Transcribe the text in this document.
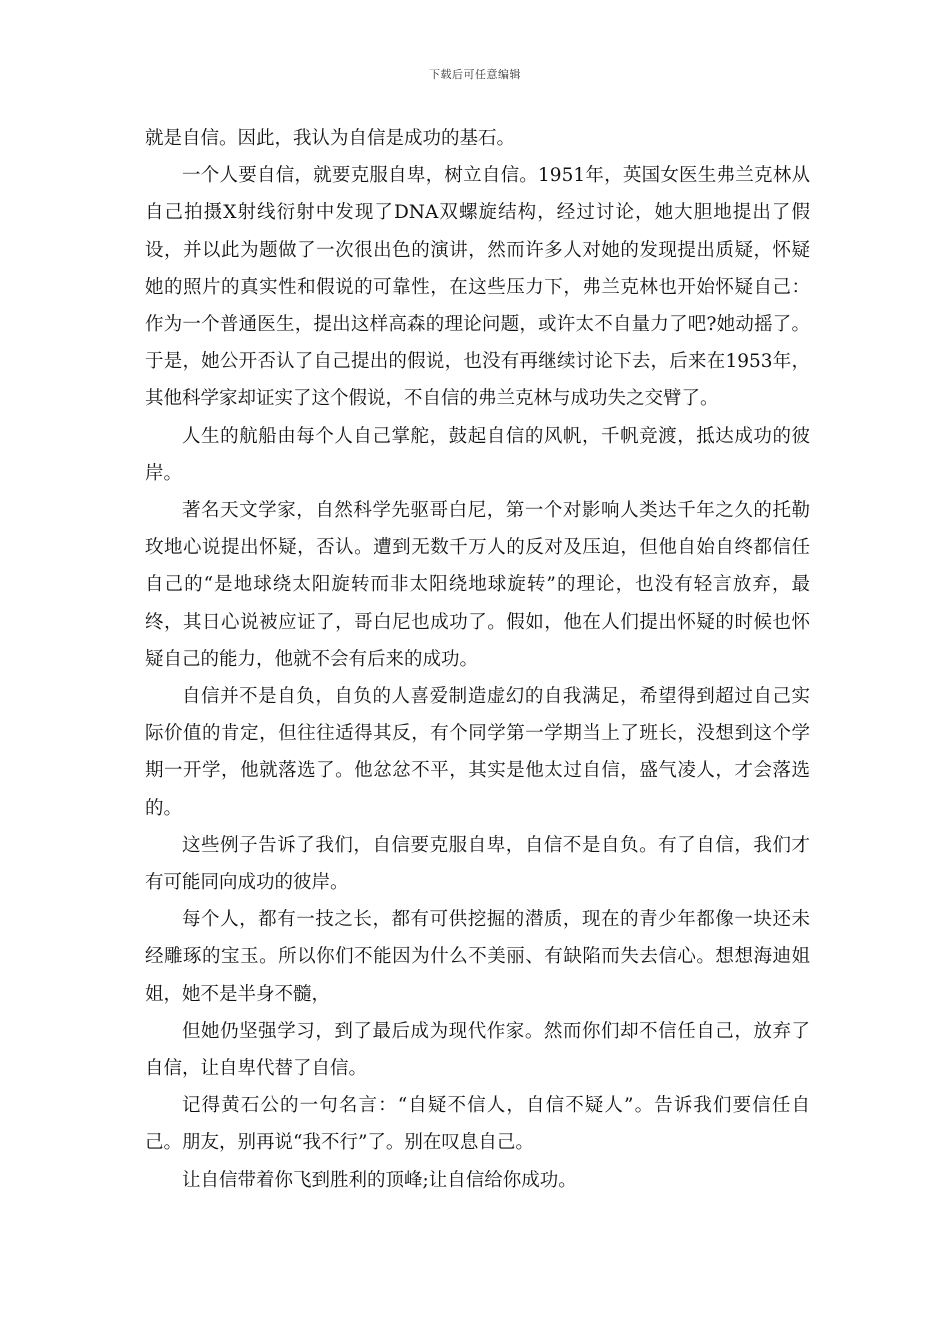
下载后可任意编辑

就是自信。因此，我认为自信是成功的基石。

一个人要自信，就要克服自卑，树立自信。1951年，英国女医生弗兰克林从自己拍摄X射线衍射中发现了DNA双螺旋结构，经过讨论，她大胆地提出了假设，并以此为题做了一次很出色的演讲，然而许多人对她的发现提出质疑，怀疑她的照片的真实性和假说的可靠性，在这些压力下，弗兰克林也开始怀疑自己：作为一个普通医生，提出这样高森的理论问题，或许太不自量力了吧?她动摇了。于是，她公开否认了自己提出的假说，也没有再继续讨论下去，后来在1953年，其他科学家却证实了这个假说，不自信的弗兰克林与成功失之交臂了。

人生的航船由每个人自己掌舵，鼓起自信的风帆，千帆竞渡，抵达成功的彼岸。

著名天文学家，自然科学先驱哥白尼，第一个对影响人类达千年之久的托勒玫地心说提出怀疑，否认。遭到无数千万人的反对及压迫，但他自始自终都信任自己的“是地球绕太阳旋转而非太阳绕地球旋转”的理论，也没有轻言放弃，最终，其日心说被应证了，哥白尼也成功了。假如，他在人们提出怀疑的时候也怀疑自己的能力，他就不会有后来的成功。

自信并不是自负，自负的人喜爱制造虚幻的自我满足，希望得到超过自己实际价值的肯定，但往往适得其反，有个同学第一学期当上了班长，没想到这个学期一开学，他就落选了。他忿忿不平，其实是他太过自信，盛气凌人，才会落选的。

这些例子告诉了我们，自信要克服自卑，自信不是自负。有了自信，我们才有可能同向成功的彼岸。

每个人，都有一技之长，都有可供挖掘的潜质，现在的青少年都像一块还未经雕琢的宝玉。所以你们不能因为什么不美丽、有缺陷而失去信心。想想海迪姐姐，她不是半身不髓，

但她仍坚强学习，到了最后成为现代作家。然而你们却不信任自己，放弃了自信，让自卑代替了自信。

记得黄石公的一句名言：“自疑不信人，自信不疑人”。告诉我们要信任自己。朋友，别再说“我不行”了。别在叹息自己。

让自信带着你飞到胜利的顶峰;让自信给你成功。
